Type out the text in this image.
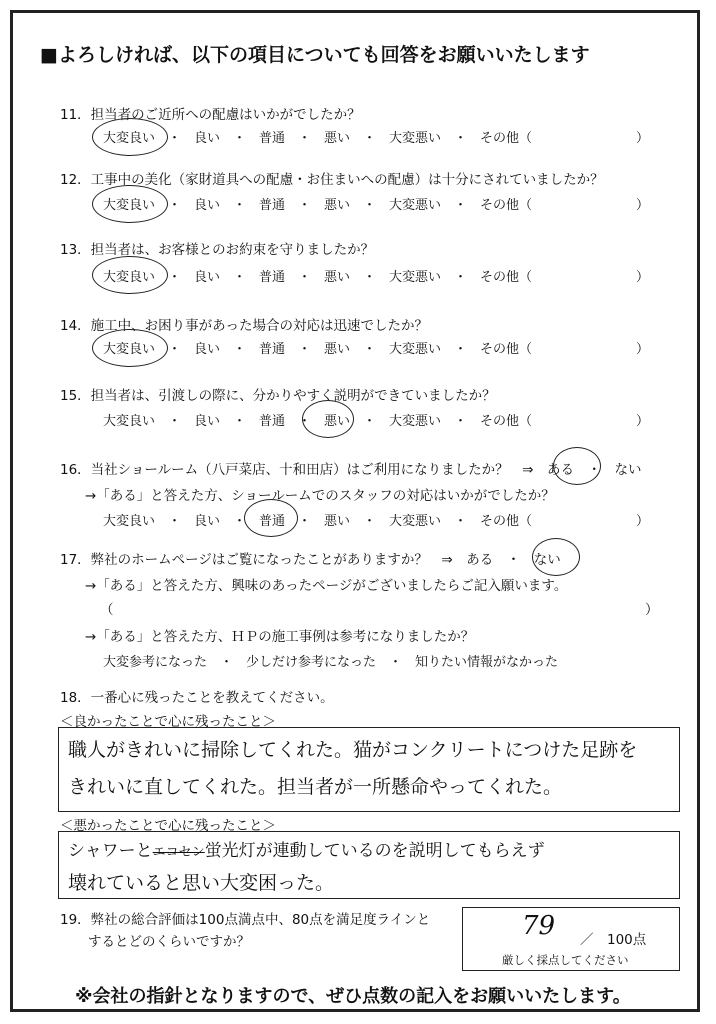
■よろしければ、以下の項目についても回答をお願いいたします
11．担当者のご近所への配慮はいかがでしたか？
大変良い　・　良い　・　普通　・　悪い　・　大変悪い　・　その他（　　　　　　　　）
12．工事中の美化（家財道具への配慮・お住まいへの配慮）は十分にされていましたか？
大変良い　・　良い　・　普通　・　悪い　・　大変悪い　・　その他（　　　　　　　　）
13．担当者は、お客様とのお約束を守りましたか？
大変良い　・　良い　・　普通　・　悪い　・　大変悪い　・　その他（　　　　　　　　）
14．施工中、お困り事があった場合の対応は迅速でしたか？
大変良い　・　良い　・　普通　・　悪い　・　大変悪い　・　その他（　　　　　　　　）
15．担当者は、引渡しの際に、分かりやすく説明ができていましたか？
大変良い　・　良い　・　普通　・　悪い　・　大変悪い　・　その他（　　　　　　　　）
16．当社ショールーム（八戸菜店、十和田店）はご利用になりましたか？　⇒　ある　・　ない
→「ある」と答えた方、ショールームでのスタッフの対応はいかがでしたか？
大変良い　・　良い　・　普通　・　悪い　・　大変悪い　・　その他（　　　　　　　　）
17．弊社のホームページはご覧になったことがありますか？　⇒　ある　・　ない
→「ある」と答えた方、興味のあったページがございましたらご記入願います。
（	）
→「ある」と答えた方、ＨＰの施工事例は参考になりましたか？
大変参考になった　・　少しだけ参考になった　・　知りたい情報がなかった
18．一番心に残ったことを教えてください。
＜良かったことで心に残ったこと＞
職人がきれいに掃除してくれた。猫がコンクリートにつけた足跡を
きれいに直してくれた。担当者が一所懸命やってくれた。
＜悪かったことで心に残ったこと＞
シャワーとエコセン蛍光灯が連動しているのを説明してもらえず
壊れていると思い大変困った。
19．弊社の総合評価は100点満点中、80点を満足度ラインと
するとどのくらいですか？
79 ／　100点
厳しく採点してください
※会社の指針となりますので、ぜひ点数の記入をお願いいたします。
